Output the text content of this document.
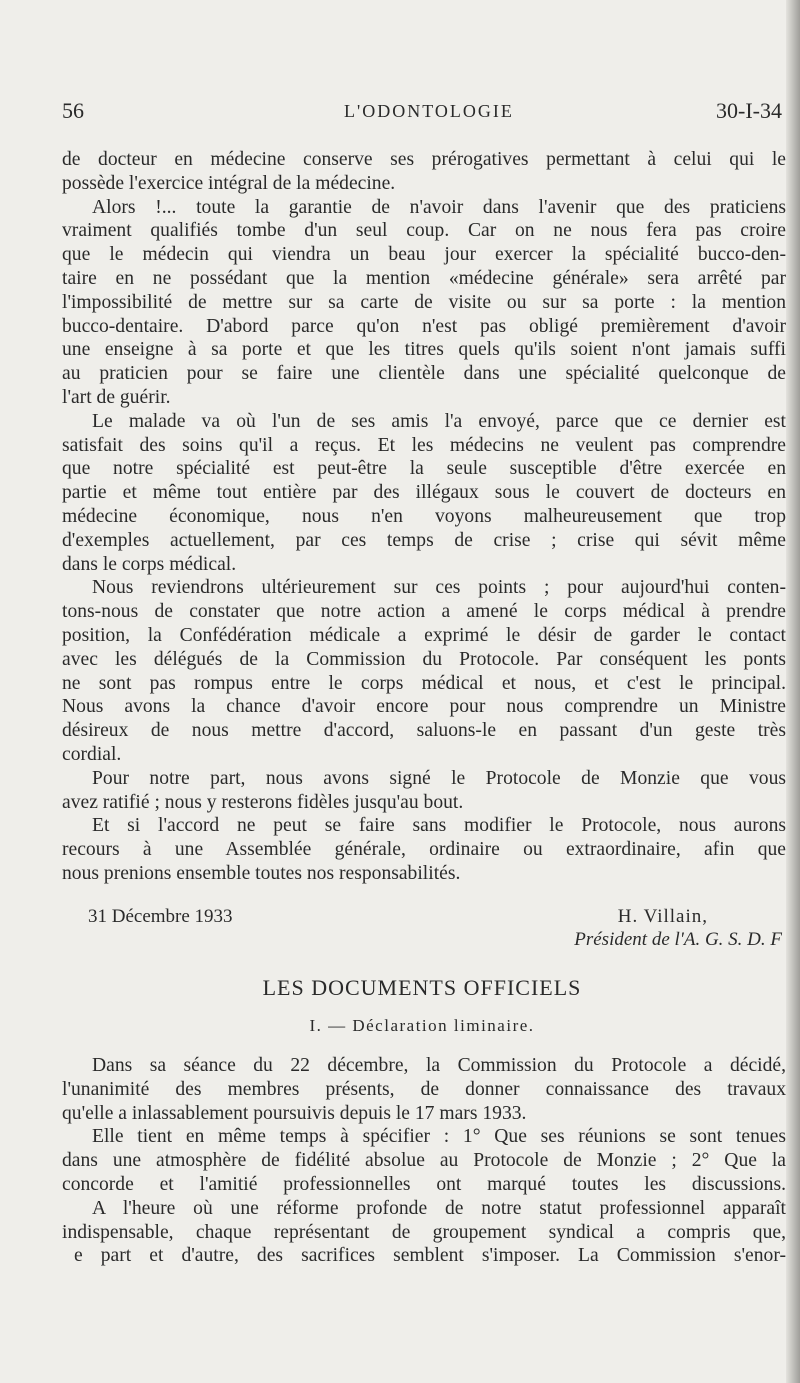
56	L'ODONTOLOGIE	30-I-34

de docteur en médecine conserve ses prérogatives permettant à celui qui le

possède l'exercice intégral de la médecine.

Alors !... toute la garantie de n'avoir dans l'avenir que des praticiens

vraiment qualifiés tombe d'un seul coup. Car on ne nous fera pas croire

que le médecin qui viendra un beau jour exercer la spécialité bucco-den-

taire en ne possédant que la mention «médecine générale» sera arrêté par

l'impossibilité de mettre sur sa carte de visite ou sur sa porte : la mention

bucco-dentaire. D'abord parce qu'on n'est pas obligé premièrement d'avoir

une enseigne à sa porte et que les titres quels qu'ils soient n'ont jamais suffi

au praticien pour se faire une clientèle dans une spécialité quelconque de

l'art de guérir.

Le malade va où l'un de ses amis l'a envoyé, parce que ce dernier est

satisfait des soins qu'il a reçus. Et les médecins ne veulent pas comprendre

que notre spécialité est peut-être la seule susceptible d'être exercée en

partie et même tout entière par des illégaux sous le couvert de docteurs en

médecine économique, nous n'en voyons malheureusement que trop

d'exemples actuellement, par ces temps de crise ; crise qui sévit même

dans le corps médical.

Nous reviendrons ultérieurement sur ces points ; pour aujourd'hui conten-

tons-nous de constater que notre action a amené le corps médical à prendre

position, la Confédération médicale a exprimé le désir de garder le contact

avec les délégués de la Commission du Protocole. Par conséquent les ponts

ne sont pas rompus entre le corps médical et nous, et c'est le principal.

Nous avons la chance d'avoir encore pour nous comprendre un Ministre

désireux de nous mettre d'accord, saluons-le en passant d'un geste très

cordial.

Pour notre part, nous avons signé le Protocole de Monzie que vous

avez ratifié ; nous y resterons fidèles jusqu'au bout.

Et si l'accord ne peut se faire sans modifier le Protocole, nous aurons

recours à une Assemblée générale, ordinaire ou extraordinaire, afin que

nous prenions ensemble toutes nos responsabilités.

31 Décembre 1933	H. Villain,
Président de l'A. G. S. D. F
LES DOCUMENTS OFFICIELS
I. — Déclaration liminaire.

Dans sa séance du 22 décembre, la Commission du Protocole a décidé,

l'unanimité des membres présents, de donner connaissance des travaux

qu'elle a inlassablement poursuivis depuis le 17 mars 1933.

Elle tient en même temps à spécifier : 1° Que ses réunions se sont tenues

dans une atmosphère de fidélité absolue au Protocole de Monzie ; 2° Que la

concorde et l'amitié professionnelles ont marqué toutes les discussions.

A l'heure où une réforme profonde de notre statut professionnel apparaît

indispensable, chaque représentant de groupement syndical a compris que,

e part et d'autre, des sacrifices semblent s'imposer. La Commission s'enor-
